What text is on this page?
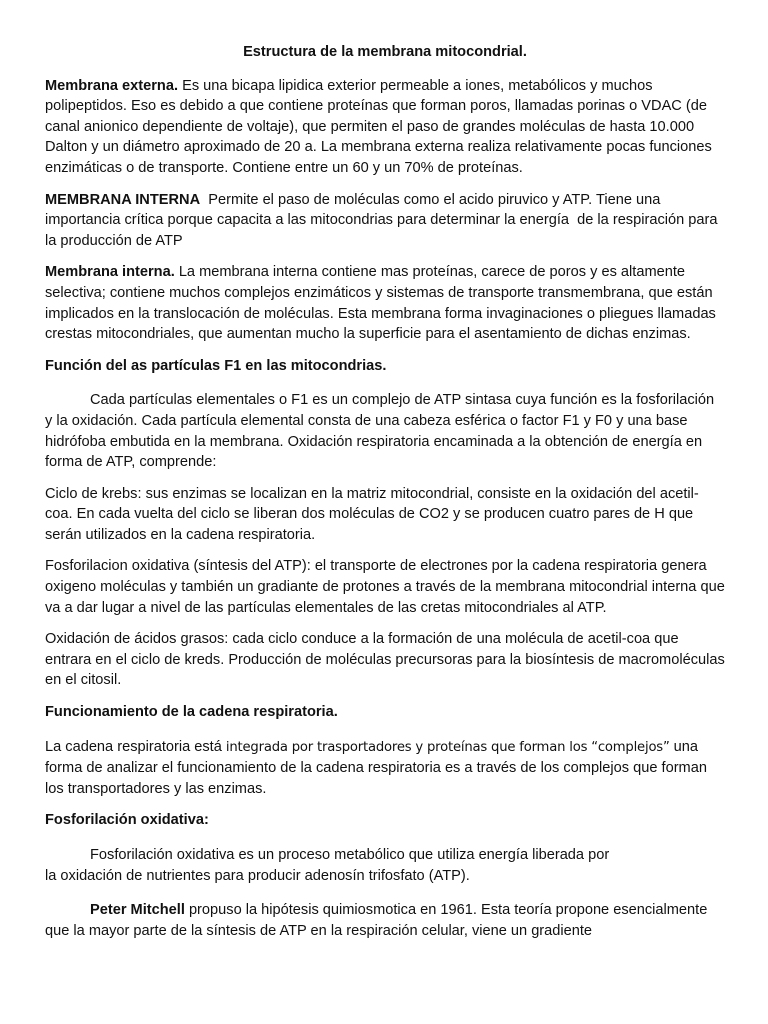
Estructura de la membrana mitocondrial.

Membrana externa. Es una bicapa lipidica exterior permeable a iones, metabólicos y muchos polipeptidos. Eso es debido a que contiene proteínas que forman poros, llamadas porinas o VDAC (de canal anionico dependiente de voltaje), que permiten el paso de grandes moléculas de hasta 10.000 Dalton y un diámetro aproximado de 20 a. La membrana externa realiza relativamente pocas funciones enzimáticas o de transporte. Contiene entre un 60 y un 70% de proteínas.

MEMBRANA INTERNA  Permite el paso de moléculas como el acido piruvico y ATP. Tiene una importancia crítica porque capacita a las mitocondrias para determinar la energía  de la respiración para la producción de ATP

Membrana interna. La membrana interna contiene mas proteínas, carece de poros y es altamente selectiva; contiene muchos complejos enzimáticos y sistemas de transporte transmembrana, que están implicados en la translocación de moléculas. Esta membrana forma invaginaciones o pliegues llamadas crestas mitocondriales, que aumentan mucho la superficie para el asentamiento de dichas enzimas.

Función del as partículas F1 en las mitocondrias.

Cada partículas elementales o F1 es un complejo de ATP sintasa cuya función es la fosforilación y la oxidación. Cada partícula elemental consta de una cabeza esférica o factor F1 y F0 y una base hidrófoba embutida en la membrana. Oxidación respiratoria encaminada a la obtención de energía en forma de ATP, comprende:

Ciclo de krebs: sus enzimas se localizan en la matriz mitocondrial, consiste en la oxidación del acetil-coa. En cada vuelta del ciclo se liberan dos moléculas de CO2 y se producen cuatro pares de H que serán utilizados en la cadena respiratoria.

Fosforilacion oxidativa (síntesis del ATP): el transporte de electrones por la cadena respiratoria genera oxigeno moléculas y también un gradiante de protones a través de la membrana mitocondrial interna que va a dar lugar a nivel de las partículas elementales de las cretas mitocondriales al ATP.

Oxidación de ácidos grasos: cada ciclo conduce a la formación de una molécula de acetil-coa que entrara en el ciclo de kreds. Producción de moléculas precursoras para la biosíntesis de macromoléculas en el citosil.

Funcionamiento de la cadena respiratoria.

La cadena respiratoria está integrada por trasportadores y proteínas que forman los “complejos” una forma de analizar el funcionamiento de la cadena respiratoria es a través de los complejos que forman los transportadores y las enzimas.

Fosforilación oxidativa:

Fosforilación oxidativa es un proceso metabólico que utiliza energía liberada por
la oxidación de nutrientes para producir adenosín trifosfato (ATP).

Peter Mitchell propuso la hipótesis quimiosmotica en 1961. Esta teoría propone esencialmente que la mayor parte de la síntesis de ATP en la respiración celular, viene un gradiente
